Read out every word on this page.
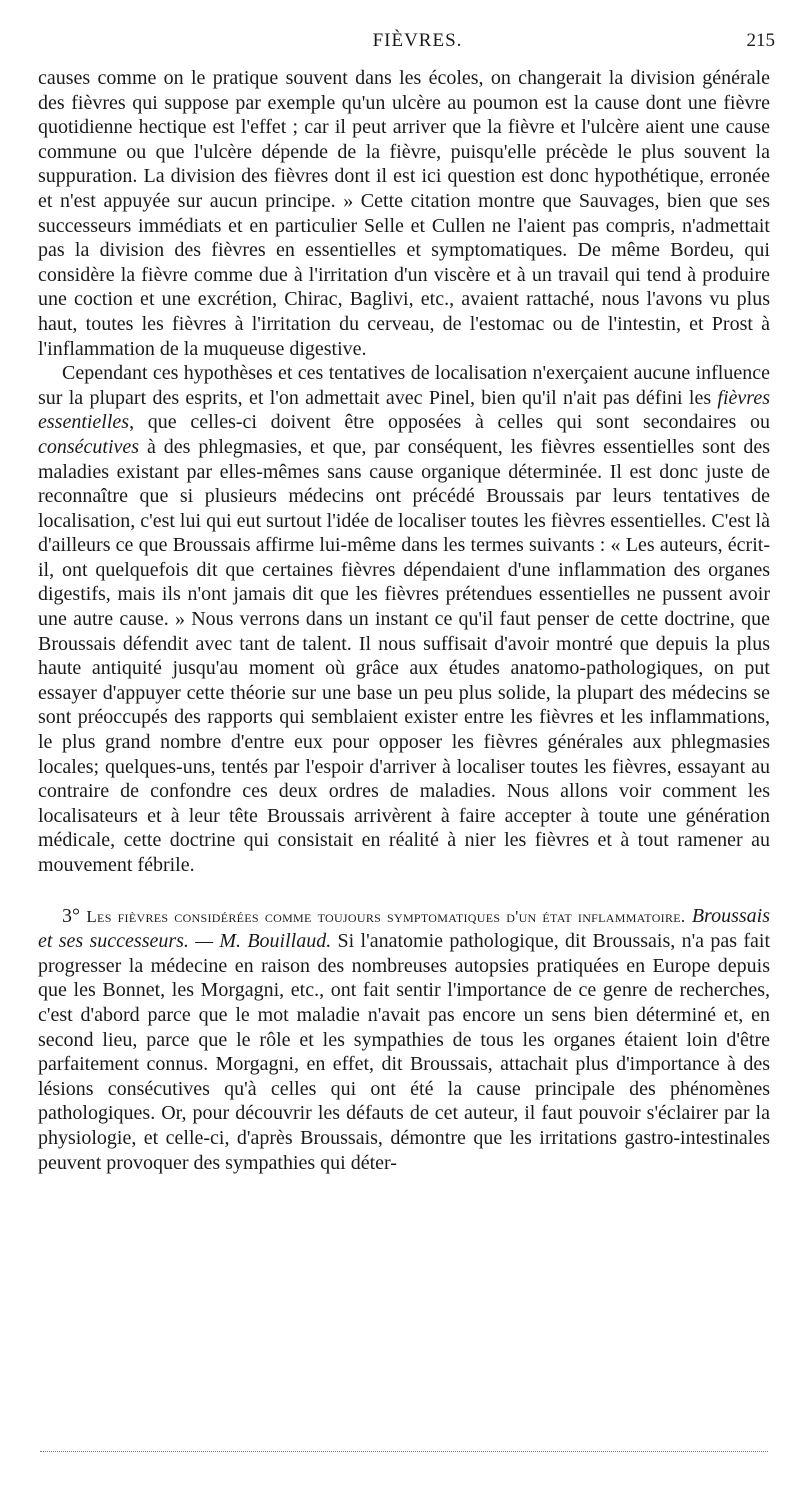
FIÈVRES.	215

causes comme on le pratique souvent dans les écoles, on changerait la division générale des fièvres qui suppose par exemple qu'un ulcère au poumon est la cause dont une fièvre quotidienne hectique est l'effet ; car il peut arriver que la fièvre et l'ulcère aient une cause commune ou que l'ulcère dépende de la fièvre, puisqu'elle précède le plus souvent la suppuration. La division des fièvres dont il est ici question est donc hypothétique, erronée et n'est appuyée sur aucun principe. » Cette citation montre que Sauvages, bien que ses successeurs immédiats et en particulier Selle et Cullen ne l'aient pas compris, n'admettait pas la division des fièvres en essentielles et symptomatiques. De même Bordeu, qui considère la fièvre comme due à l'irritation d'un viscère et à un travail qui tend à produire une coction et une excrétion, Chirac, Baglivi, etc., avaient rattaché, nous l'avons vu plus haut, toutes les fièvres à l'irritation du cerveau, de l'estomac ou de l'intestin, et Prost à l'inflammation de la muqueuse digestive.

Cependant ces hypothèses et ces tentatives de localisation n'exerçaient aucune influence sur la plupart des esprits, et l'on admettait avec Pinel, bien qu'il n'ait pas défini les fièvres essentielles, que celles-ci doivent être opposées à celles qui sont secondaires ou consécutives à des phlegmasies, et que, par conséquent, les fièvres essentielles sont des maladies existant par elles-mêmes sans cause organique déterminée. Il est donc juste de reconnaître que si plusieurs médecins ont précédé Broussais par leurs tentatives de localisation, c'est lui qui eut surtout l'idée de localiser toutes les fièvres essentielles. C'est là d'ailleurs ce que Broussais affirme lui-même dans les termes suivants : « Les auteurs, écrit-il, ont quelquefois dit que certaines fièvres dépendaient d'une inflammation des organes digestifs, mais ils n'ont jamais dit que les fièvres prétendues essentielles ne pussent avoir une autre cause. » Nous verrons dans un instant ce qu'il faut penser de cette doctrine, que Broussais défendit avec tant de talent. Il nous suffisait d'avoir montré que depuis la plus haute antiquité jusqu'au moment où grâce aux études anatomo-pathologiques, on put essayer d'appuyer cette théorie sur une base un peu plus solide, la plupart des médecins se sont préoccupés des rapports qui semblaient exister entre les fièvres et les inflammations, le plus grand nombre d'entre eux pour opposer les fièvres générales aux phlegmasies locales; quelques-uns, tentés par l'espoir d'arriver à localiser toutes les fièvres, essayant au contraire de confondre ces deux ordres de maladies. Nous allons voir comment les localisateurs et à leur tête Broussais arrivèrent à faire accepter à toute une génération médicale, cette doctrine qui consistait en réalité à nier les fièvres et à tout ramener au mouvement fébrile.

3° Les fièvres considérées comme toujours symptomatiques d'un état inflammatoire. Broussais et ses successeurs. — M. Bouillaud. Si l'anatomie pathologique, dit Broussais, n'a pas fait progresser la médecine en raison des nombreuses autopsies pratiquées en Europe depuis que les Bonnet, les Morgagni, etc., ont fait sentir l'importance de ce genre de recherches, c'est d'abord parce que le mot maladie n'avait pas encore un sens bien déterminé et, en second lieu, parce que le rôle et les sympathies de tous les organes étaient loin d'être parfaitement connus. Morgagni, en effet, dit Broussais, attachait plus d'importance à des lésions consécutives qu'à celles qui ont été la cause principale des phénomènes pathologiques. Or, pour découvrir les défauts de cet auteur, il faut pouvoir s'éclairer par la physiologie, et celle-ci, d'après Broussais, démontre que les irritations gastro-intestinales peuvent provoquer des sympathies qui déter-
